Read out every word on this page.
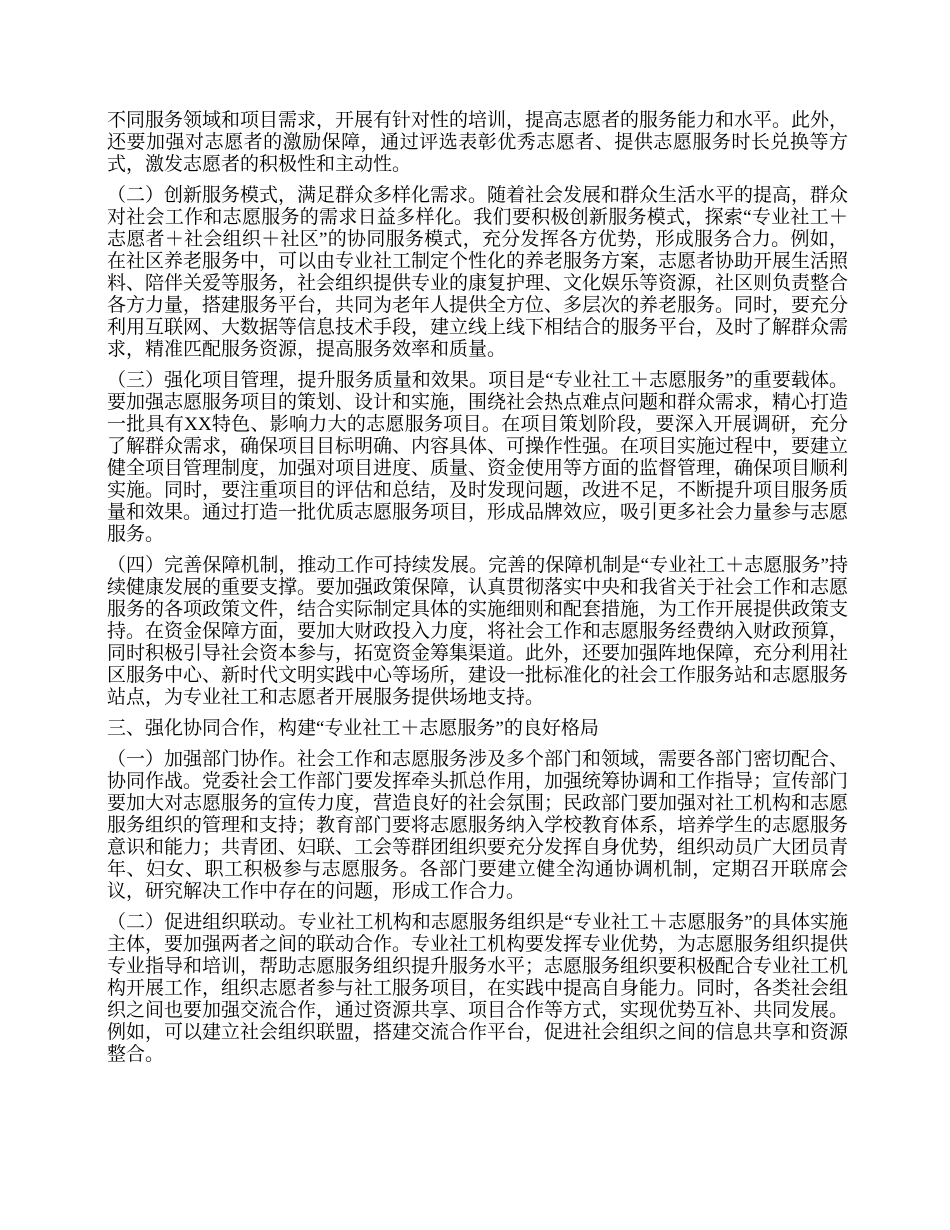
不同服务领域和项目需求，开展有针对性的培训，提高志愿者的服务能力和水平。此外，还要加强对志愿者的激励保障，通过评选表彰优秀志愿者、提供志愿服务时长兑换等方式，激发志愿者的积极性和主动性。

（二）创新服务模式，满足群众多样化需求。随着社会发展和群众生活水平的提高，群众对社会工作和志愿服务的需求日益多样化。我们要积极创新服务模式，探索“专业社工＋志愿者＋社会组织＋社区”的协同服务模式，充分发挥各方优势，形成服务合力。例如，在社区养老服务中，可以由专业社工制定个性化的养老服务方案，志愿者协助开展生活照料、陪伴关爱等服务，社会组织提供专业的康复护理、文化娱乐等资源，社区则负责整合各方力量，搭建服务平台，共同为老年人提供全方位、多层次的养老服务。同时，要充分利用互联网、大数据等信息技术手段，建立线上线下相结合的服务平台，及时了解群众需求，精准匹配服务资源，提高服务效率和质量。

（三）强化项目管理，提升服务质量和效果。项目是“专业社工＋志愿服务”的重要载体。要加强志愿服务项目的策划、设计和实施，围绕社会热点难点问题和群众需求，精心打造一批具有XX特色、影响力大的志愿服务项目。在项目策划阶段，要深入开展调研，充分了解群众需求，确保项目目标明确、内容具体、可操作性强。在项目实施过程中，要建立健全项目管理制度，加强对项目进度、质量、资金使用等方面的监督管理，确保项目顺利实施。同时，要注重项目的评估和总结，及时发现问题，改进不足，不断提升项目服务质量和效果。通过打造一批优质志愿服务项目，形成品牌效应，吸引更多社会力量参与志愿服务。

（四）完善保障机制，推动工作可持续发展。完善的保障机制是“专业社工＋志愿服务”持续健康发展的重要支撑。要加强政策保障，认真贯彻落实中央和我省关于社会工作和志愿服务的各项政策文件，结合实际制定具体的实施细则和配套措施，为工作开展提供政策支持。在资金保障方面，要加大财政投入力度，将社会工作和志愿服务经费纳入财政预算，同时积极引导社会资本参与，拓宽资金筹集渠道。此外，还要加强阵地保障，充分利用社区服务中心、新时代文明实践中心等场所，建设一批标准化的社会工作服务站和志愿服务站点，为专业社工和志愿者开展服务提供场地支持。

三、强化协同合作，构建“专业社工＋志愿服务”的良好格局

（一）加强部门协作。社会工作和志愿服务涉及多个部门和领域，需要各部门密切配合、协同作战。党委社会工作部门要发挥牵头抓总作用，加强统筹协调和工作指导；宣传部门要加大对志愿服务的宣传力度，营造良好的社会氛围；民政部门要加强对社工机构和志愿服务组织的管理和支持；教育部门要将志愿服务纳入学校教育体系，培养学生的志愿服务意识和能力；共青团、妇联、工会等群团组织要充分发挥自身优势，组织动员广大团员青年、妇女、职工积极参与志愿服务。各部门要建立健全沟通协调机制，定期召开联席会议，研究解决工作中存在的问题，形成工作合力。

（二）促进组织联动。专业社工机构和志愿服务组织是“专业社工＋志愿服务”的具体实施主体，要加强两者之间的联动合作。专业社工机构要发挥专业优势，为志愿服务组织提供专业指导和培训，帮助志愿服务组织提升服务水平；志愿服务组织要积极配合专业社工机构开展工作，组织志愿者参与社工服务项目，在实践中提高自身能力。同时，各类社会组织之间也要加强交流合作，通过资源共享、项目合作等方式，实现优势互补、共同发展。例如，可以建立社会组织联盟，搭建交流合作平台，促进社会组织之间的信息共享和资源整合。
